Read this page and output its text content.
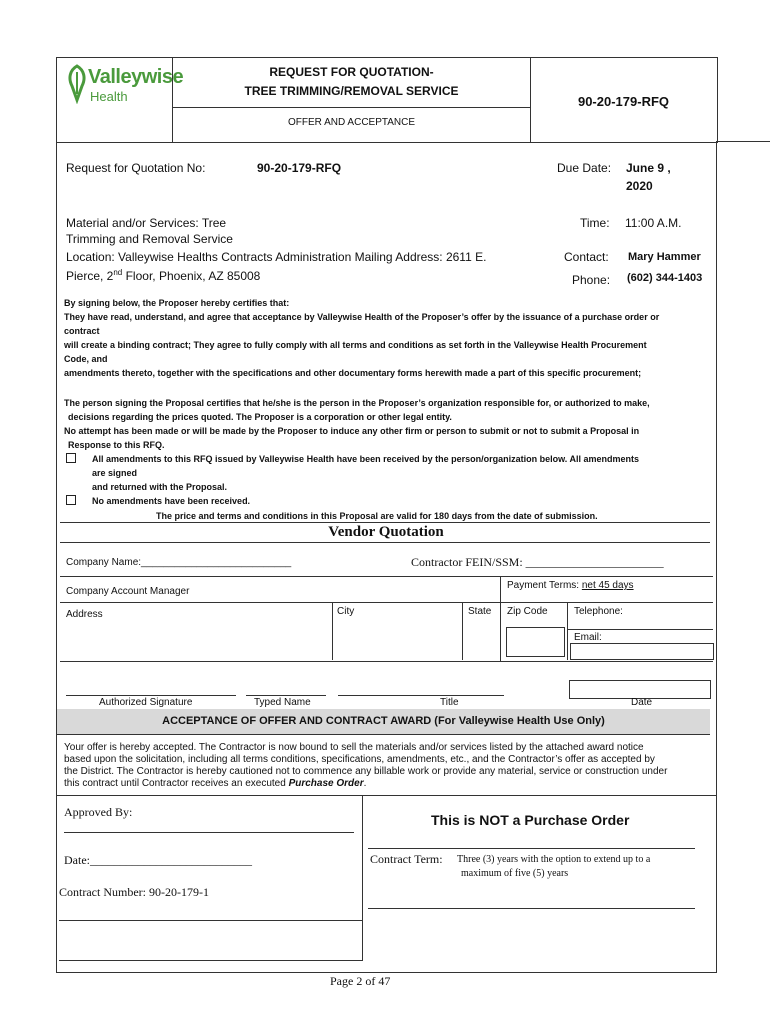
Valleywise
Health
REQUEST FOR QUOTATION-
TREE TRIMMING/REMOVAL SERVICE
OFFER AND ACCEPTANCE
90-20-179-RFQ
Request for Quotation No:	90-20-179-RFQ	Due Date: June 9 ,
2020
Material and/or Services: Tree
Trimming and Removal Service
Time: 11:00 A.M.
Location: Valleywise Healths Contracts Administration Mailing Address: 2611 E.
Pierce, 2nd Floor, Phoenix, AZ 85008
Contact: Mary Hammer
Phone: (602) 344-1403
By signing below, the Proposer hereby certifies that:
They have read, understand, and agree that acceptance by Valleywise Health of the Proposer’s offer by the issuance of a purchase order or
contract
will create a binding contract; They agree to fully comply with all terms and conditions as set forth in the Valleywise Health Procurement
Code, and
amendments thereto, together with the specifications and other documentary forms herewith made a part of this specific procurement;
The person signing the Proposal certifies that he/she is the person in the Proposer’s organization responsible for, or authorized to make,
decisions regarding the prices quoted. The Proposer is a corporation or other legal entity.
No attempt has been made or will be made by the Proposer to induce any other firm or person to submit or not to submit a Proposal in
Response to this RFQ.
All amendments to this RFQ issued by Valleywise Health have been received by the person/organization below. All amendments
are signed
and returned with the Proposal.
No amendments have been received.
The price and terms and conditions in this Proposal are valid for 180 days from the date of submission.
Vendor Quotation
Company Name:___________________________	Contractor FEIN/SSM: _______________________
Payment Terms: net 45 days
Company Account Manager
Address	City	State Zip Code	Telephone:
Email:
Authorized Signature	Typed Name	Title	Date
ACCEPTANCE OF OFFER AND CONTRACT AWARD (For Valleywise Health Use Only)
Your offer is hereby accepted. The Contractor is now bound to sell the materials and/or services listed by the attached award notice
based upon the solicitation, including all terms conditions, specifications, amendments, etc., and the Contractor’s offer as accepted by
the District. The Contractor is hereby cautioned not to commence any billable work or provide any material, service or construction under
this contract until Contractor receives an executed Purchase Order.
Approved By:	This is NOT a Purchase Order
Date:___________________________	Contract Term: Three (3) years with the option to extend up to a
maximum of five (5) years
Contract Number: 90-20-179-1
Page 2 of 47
